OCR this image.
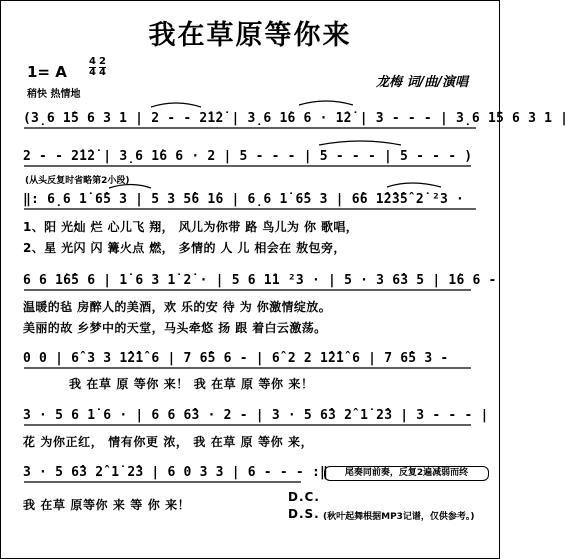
我在草原等你来
1= A $\frac{4}{4} \frac{2}{4}$
稍快 热情地
龙梅 词/曲/演唱
(3̣6 1̇5 6 3 1 | 2 - - 2̇1̇2̇ | 3̣6 1̇6 6 · 1̇2̇ | 3 - - - | 3̣6 1̇5 6 3 1 |
2 - - 2̇1̇2̇ | 3̣6 1̇6 6 · 2 | 5 - - - | 5 - - - | 5 - - - )
(从头反复时省略第2小段)
‖: 6̣6 1̇ 6̂5 3 | 5 3 5̂6 1̇6 | 6̣6 1̇ 6̂5 3 | 6̂6 1̂2̂3̂5̂ 2̇ ²3 ·
1、阳 光灿 烂 心儿飞 翔， 风儿为你带 路 鸟儿为 你 歌唱，
2、星 光闪 闪 篝火点 燃， 多情的 人 儿 相会在 敖包旁，
6 6 1̇6̂5 6 | 1̇ 6 3 1̇ 2̇ · | 5 6 1̇1 ²3 · | 5 · 3 6̂3 5 | 1̇6 6 -
温暖的毡 房醉人的美酒，欢 乐的安 待 为 你激情绽放。
美丽的故 乡梦中的天堂，马头牵悠 扬 跟 着白云激荡。
0 0 | 6̂ 3 3 1̂2̂1̂ 6 | 7 6̂5 6 - | 6̂ 2 2 1̂2̂1̂ 6 | 7 6̂5 3 -
我 在草 原 等你 来！ 我 在草 原 等你 来！
3 · 5 6 1̇ 6 · | 6 6 6̂3 · 2 - | 3 · 5 6̂3 2̂ 1̇ 2̂3 | 3 - - - |
花 为你正红， 情有你更 浓， 我 在草 原 等你 来，
3 · 5 6̂3 2̂ 1̇ 2̂3 | 6 0 3 3 | 6 - - - :‖	尾奏同前奏，反复2遍减弱而终
我 在草 原等你 来 等 你 来！
D.C.
D.S. (秋叶起舞根据MP3记谱，仅供参考。)
